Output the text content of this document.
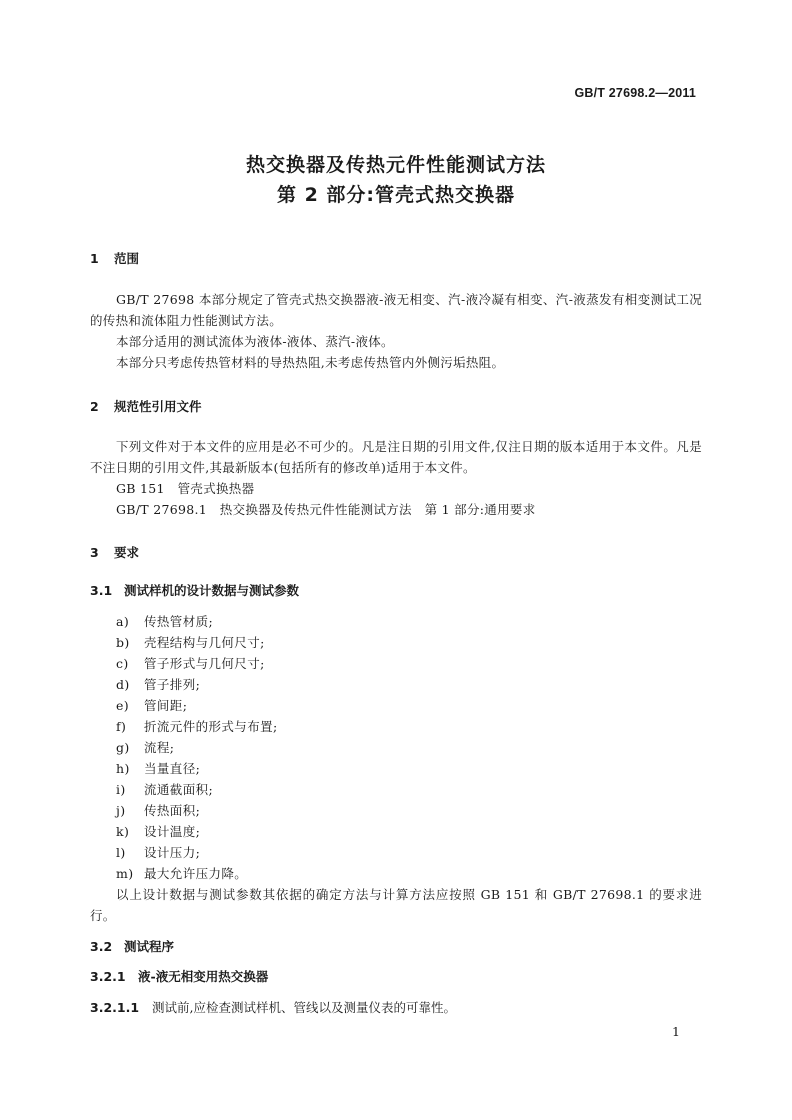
GB/T 27698.2—2011
热交换器及传热元件性能测试方法
第 2 部分:管壳式热交换器
1 范围
GB/T 27698 本部分规定了管壳式热交换器液-液无相变、汽-液冷凝有相变、汽-液蒸发有相变测试工况的传热和流体阻力性能测试方法。
本部分适用的测试流体为液体-液体、蒸汽-液体。
本部分只考虑传热管材料的导热热阻,未考虑传热管内外侧污垢热阻。
2 规范性引用文件
下列文件对于本文件的应用是必不可少的。凡是注日期的引用文件,仅注日期的版本适用于本文件。凡是不注日期的引用文件,其最新版本(包括所有的修改单)适用于本文件。
GB 151　管壳式换热器
GB/T 27698.1　热交换器及传热元件性能测试方法　第 1 部分:通用要求
3 要求
3.1 测试样机的设计数据与测试参数
a) 传热管材质;
b) 壳程结构与几何尺寸;
c) 管子形式与几何尺寸;
d) 管子排列;
e) 管间距;
f) 折流元件的形式与布置;
g) 流程;
h) 当量直径;
i) 流通截面积;
j) 传热面积;
k) 设计温度;
l) 设计压力;
m) 最大允许压力降。
以上设计数据与测试参数其依据的确定方法与计算方法应按照 GB 151 和 GB/T 27698.1 的要求进行。
3.2 测试程序
3.2.1 液-液无相变用热交换器
3.2.1.1 测试前,应检查测试样机、管线以及测量仪表的可靠性。
1
